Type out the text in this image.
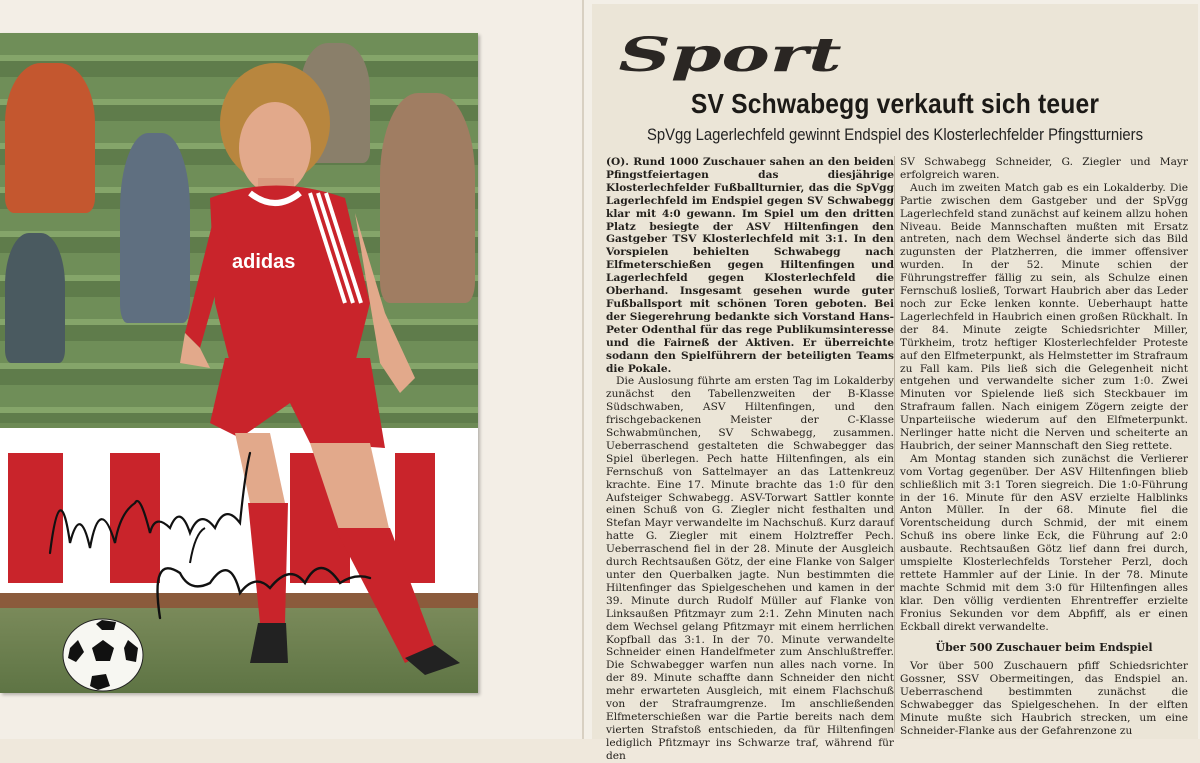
adidas
Sport
SV Schwabegg verkauft sich teuer
SpVgg Lagerlechfeld gewinnt Endspiel des Klosterlechfelder Pfingstturniers

(O). Rund 1000 Zuschauer sahen an den beiden Pfingstfeiertagen das diesjährige Klosterlechfelder Fußballturnier, das die SpVgg Lagerlechfeld im Endspiel gegen SV Schwabegg klar mit 4:0 gewann. Im Spiel um den dritten Platz besiegte der ASV Hiltenfingen den Gastgeber TSV Klosterlechfeld mit 3:1. In den Vorspielen behielten Schwabegg nach Elfmeterschießen gegen Hiltenfingen und Lagerlechfeld gegen Klosterlechfeld die Oberhand. Insgesamt gesehen wurde guter Fußballsport mit schönen Toren geboten. Bei der Siegerehrung bedankte sich Vorstand Hans-Peter Odenthal für das rege Publikumsinteresse und die Fairneß der Aktiven. Er überreichte sodann den Spielführern der beteiligten Teams die Pokale.

Die Auslosung führte am ersten Tag im Lokalderby zunächst den Tabellenzweiten der B-Klasse Südschwaben, ASV Hiltenfingen, und den frischgebackenen Meister der C-Klasse Schwabmünchen, SV Schwabegg, zusammen. Ueberraschend gestalteten die Schwabegger das Spiel überlegen. Pech hatte Hiltenfingen, als ein Fernschuß von Sattelmayer an das Lattenkreuz krachte. Eine 17. Minute brachte das 1:0 für den Aufsteiger Schwabegg. ASV-Torwart Sattler konnte einen Schuß von G. Ziegler nicht festhalten und Stefan Mayr verwandelte im Nachschuß. Kurz darauf hatte G. Ziegler mit einem Holztreffer Pech. Ueberraschend fiel in der 28. Minute der Ausgleich durch Rechtsaußen Götz, der eine Flanke von Salger unter den Querbalken jagte. Nun bestimmten die Hiltenfinger das Spielgeschehen und kamen in der 39. Minute durch Rudolf Müller auf Flanke von Linksaußen Pfitzmayr zum 2:1. Zehn Minuten nach dem Wechsel gelang Pfitzmayr mit einem herrlichen Kopfball das 3:1. In der 70. Minute verwandelte Schneider einen Handelfmeter zum Anschlußtreffer. Die Schwabegger warfen nun alles nach vorne. In der 89. Minute schaffte dann Schneider den nicht mehr erwarteten Ausgleich, mit einem Flachschuß von der Strafraumgrenze. Im anschließenden Elfmeterschießen war die Partie bereits nach dem vierten Strafstoß entschieden, da für Hiltenfingen lediglich Pfitzmayr ins Schwarze traf, während für den

SV Schwabegg Schneider, G. Ziegler und Mayr erfolgreich waren.

Auch im zweiten Match gab es ein Lokalderby. Die Partie zwischen dem Gastgeber und der SpVgg Lagerlechfeld stand zunächst auf keinem allzu hohen Niveau. Beide Mannschaften mußten mit Ersatz antreten, nach dem Wechsel änderte sich das Bild zugunsten der Platzherren, die immer offensiver wurden. In der 52. Minute schien der Führungstreffer fällig zu sein, als Schulze einen Fernschuß losließ, Torwart Haubrich aber das Leder noch zur Ecke lenken konnte. Ueberhaupt hatte Lagerlechfeld in Haubrich einen großen Rückhalt. In der 84. Minute zeigte Schiedsrichter Miller, Türkheim, trotz heftiger Klosterlechfelder Proteste auf den Elfmeterpunkt, als Helmstetter im Strafraum zu Fall kam. Pils ließ sich die Gelegenheit nicht entgehen und verwandelte sicher zum 1:0. Zwei Minuten vor Spielende ließ sich Steckbauer im Strafraum fallen. Nach einigem Zögern zeigte der Unparteiische wiederum auf den Elfmeterpunkt. Nerlinger hatte nicht die Nerven und scheiterte an Haubrich, der seiner Mannschaft den Sieg rettete.

Am Montag standen sich zunächst die Verlierer vom Vortag gegenüber. Der ASV Hiltenfingen blieb schließlich mit 3:1 Toren siegreich. Die 1:0-Führung in der 16. Minute für den ASV erzielte Halblinks Anton Müller. In der 68. Minute fiel die Vorentscheidung durch Schmid, der mit einem Schuß ins obere linke Eck, die Führung auf 2:0 ausbaute. Rechtsaußen Götz lief dann frei durch, umspielte Klosterlechfelds Torsteher Perzl, doch rettete Hammler auf der Linie. In der 78. Minute machte Schmid mit dem 3:0 für Hiltenfingen alles klar. Den völlig verdienten Ehrentreffer erzielte Fronius Sekunden vor dem Abpfiff, als er einen Eckball direkt verwandelte.

Über 500 Zuschauer beim Endspiel

Vor über 500 Zuschauern pfiff Schiedsrichter Gossner, SSV Obermeitingen, das Endspiel an. Ueberraschend bestimmten zunächst die Schwabegger das Spielgeschehen. In der elften Minute mußte sich Haubrich strecken, um eine Schneider-Flanke aus der Gefahrenzone zu
